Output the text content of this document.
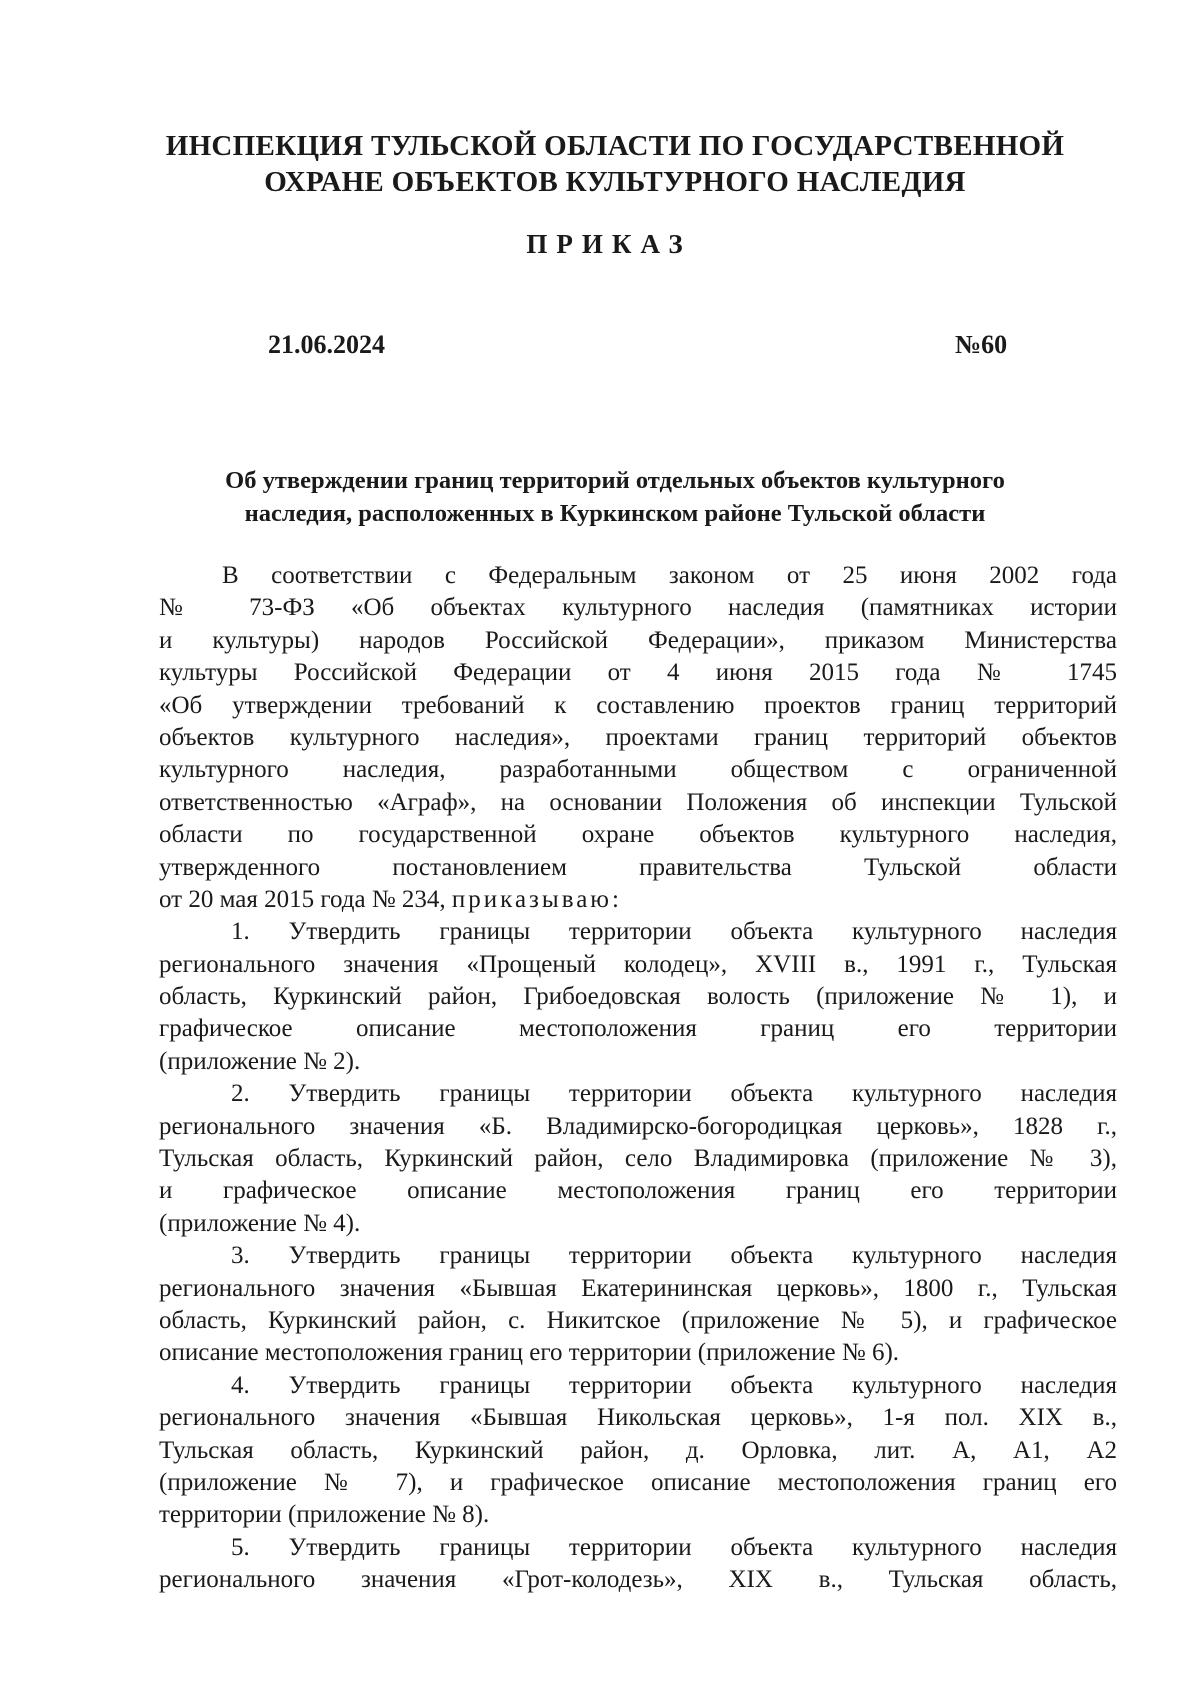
ИНСПЕКЦИЯ ТУЛЬСКОЙ ОБЛАСТИ ПО ГОСУДАРСТВЕННОЙ
ОХРАНЕ ОБЪЕКТОВ КУЛЬТУРНОГО НАСЛЕДИЯ
ПРИКАЗ
21.06.2024	№60
Об утверждении границ территорий отдельных объектов культурного
наследия, расположенных в Куркинском районе Тульской области
В соответствии с Федеральным законом от 25 июня 2002 года
№ 73-ФЗ «Об объектах культурного наследия (памятниках истории
и культуры) народов Российской Федерации», приказом Министерства
культуры Российской Федерации от 4 июня 2015 года № 1745
«Об утверждении требований к составлению проектов границ территорий
объектов культурного наследия», проектами границ территорий объектов
культурного наследия, разработанными обществом с ограниченной
ответственностью «Аграф», на основании Положения об инспекции Тульской
области по государственной охране объектов культурного наследия,
утвержденного постановлением правительства Тульской области
от 20 мая 2015 года № 234, приказываю:
1. Утвердить границы территории объекта культурного наследия
регионального значения «Прощеный колодец», XVIII в., 1991 г., Тульская
область, Куркинский район, Грибоедовская волость (приложение № 1), и
графическое описание местоположения границ его территории
(приложение № 2).
2. Утвердить границы территории объекта культурного наследия
регионального значения «Б. Владимирско-богородицкая церковь», 1828 г.,
Тульская область, Куркинский район, село Владимировка (приложение № 3),
и графическое описание местоположения границ его территории
(приложение № 4).
3. Утвердить границы территории объекта культурного наследия
регионального значения «Бывшая Екатерининская церковь», 1800 г., Тульская
область, Куркинский район, с. Никитское (приложение № 5), и графическое
описание местоположения границ его территории (приложение № 6).
4. Утвердить границы территории объекта культурного наследия
регионального значения «Бывшая Никольская церковь», 1-я пол. XIX в.,
Тульская область, Куркинский район, д. Орловка, лит. А, А1, А2
(приложение № 7), и графическое описание местоположения границ его
территории (приложение № 8).
5. Утвердить границы территории объекта культурного наследия
регионального значения «Грот-колодезь», XIX в., Тульская область,
